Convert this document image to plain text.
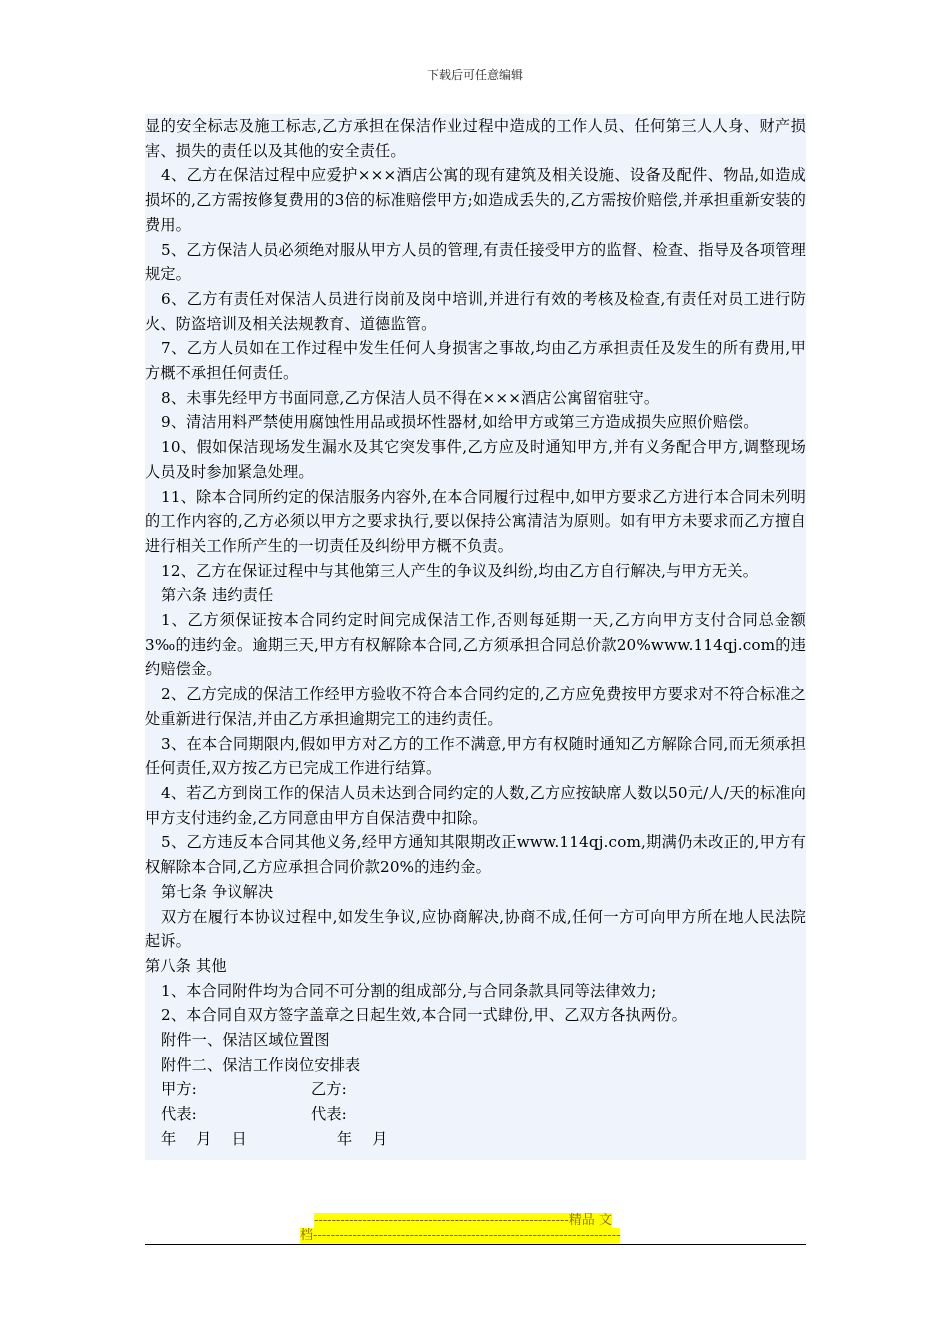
下载后可任意编辑

显的安全标志及施工标志,乙方承担在保洁作业过程中造成的工作人员、任何第三人人身、财产损害、损失的责任以及其他的安全责任。

4、乙方在保洁过程中应爱护×××酒店公寓的现有建筑及相关设施、设备及配件、物品,如造成损坏的,乙方需按修复费用的3倍的标准赔偿甲方;如造成丢失的,乙方需按价赔偿,并承担重新安装的费用。

5、乙方保洁人员必须绝对服从甲方人员的管理,有责任接受甲方的监督、检查、指导及各项管理规定。

6、乙方有责任对保洁人员进行岗前及岗中培训,并进行有效的考核及检查,有责任对员工进行防火、防盗培训及相关法规教育、道德监管。

7、乙方人员如在工作过程中发生任何人身损害之事故,均由乙方承担责任及发生的所有费用,甲方概不承担任何责任。

8、未事先经甲方书面同意,乙方保洁人员不得在×××酒店公寓留宿驻守。

9、清洁用料严禁使用腐蚀性用品或损坏性器材,如给甲方或第三方造成损失应照价赔偿。

10、假如保洁现场发生漏水及其它突发事件,乙方应及时通知甲方,并有义务配合甲方,调整现场人员及时参加紧急处理。

11、除本合同所约定的保洁服务内容外,在本合同履行过程中,如甲方要求乙方进行本合同未列明的工作内容的,乙方必须以甲方之要求执行,要以保持公寓清洁为原则。如有甲方未要求而乙方擅自进行相关工作所产生的一切责任及纠纷甲方概不负责。

12、乙方在保证过程中与其他第三人产生的争议及纠纷,均由乙方自行解决,与甲方无关。

第六条 违约责任

1、乙方须保证按本合同约定时间完成保洁工作,否则每延期一天,乙方向甲方支付合同总金额3‰的违约金。逾期三天,甲方有权解除本合同,乙方须承担合同总价款20%www.114qj.com的违约赔偿金。

2、乙方完成的保洁工作经甲方验收不符合本合同约定的,乙方应免费按甲方要求对不符合标准之处重新进行保洁,并由乙方承担逾期完工的违约责任。

3、在本合同期限内,假如甲方对乙方的工作不满意,甲方有权随时通知乙方解除合同,而无须承担任何责任,双方按乙方已完成工作进行结算。

4、若乙方到岗工作的保洁人员未达到合同约定的人数,乙方应按缺席人数以50元/人/天的标准向甲方支付违约金,乙方同意由甲方自保洁费中扣除。

5、乙方违反本合同其他义务,经甲方通知其限期改正www.114qj.com,期满仍未改正的,甲方有权解除本合同,乙方应承担合同价款20%的违约金。

第七条 争议解决

双方在履行本协议过程中,如发生争议,应协商解决,协商不成,任何一方可向甲方所在地人民法院起诉。

第八条 其他

1、本合同附件均为合同不可分割的组成部分,与合同条款具同等法律效力;

2、本合同自双方签字盖章之日起生效,本合同一式肆份,甲、乙双方各执两份。

附件一、保洁区域位置图

附件二、保洁工作岗位安排表

甲方:	乙方:
代表:	代表:
年    月    日	年    月
----------------------------------------------------------精品 文
档----------------------------------------------------------------------
